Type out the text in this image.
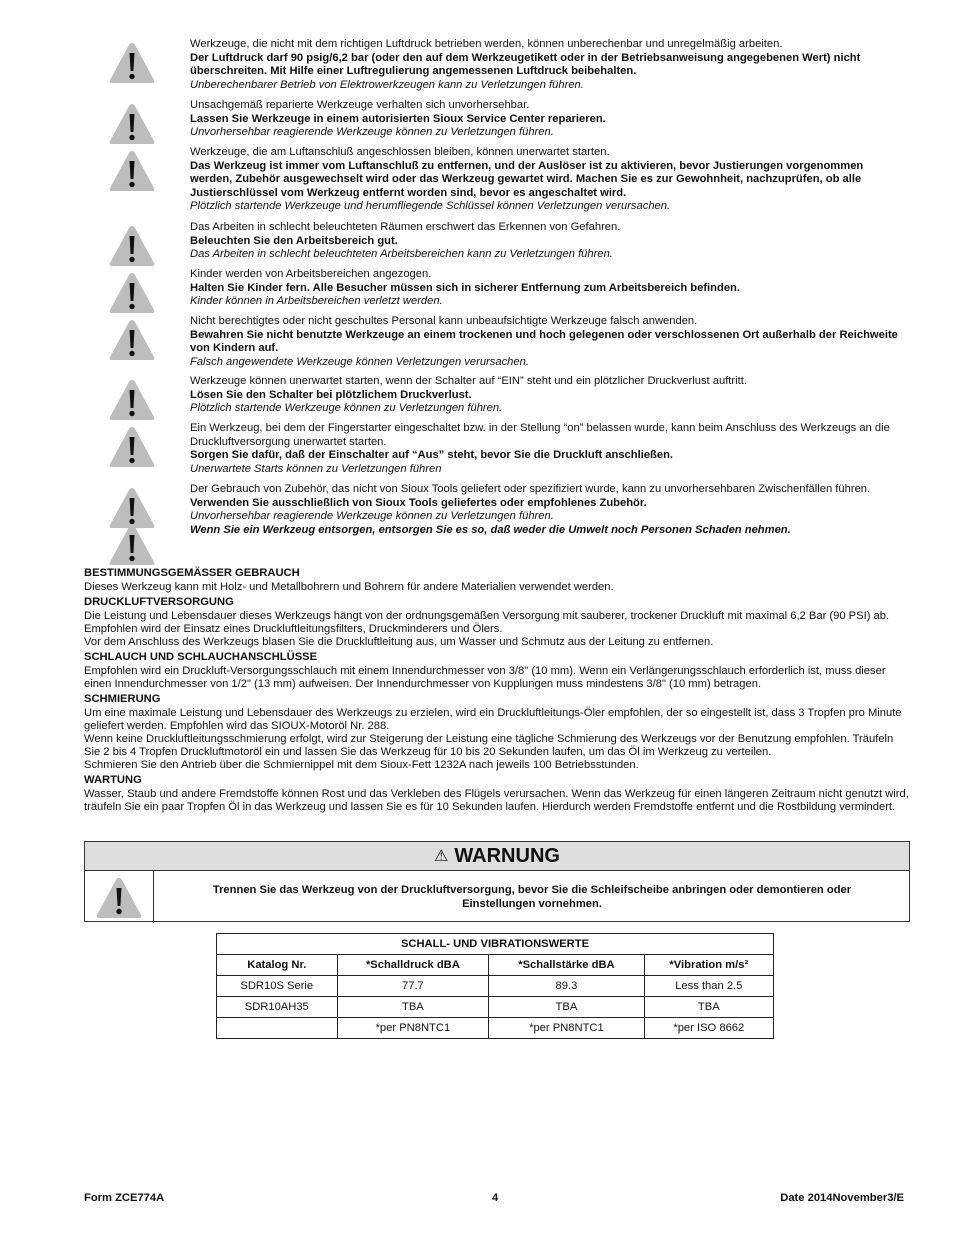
Werkzeuge, die nicht mit dem richtigen Luftdruck betrieben werden, können unberechenbar und unregelmäßig arbeiten.

Der Luftdruck darf 90 psig/6,2 bar (oder den auf dem Werkzeugetikett oder in der Betriebsanweisung angegebenen Wert) nicht überschreiten. Mit Hilfe einer Luftregulierung angemessenen Luftdruck beibehalten.

Unberechenbarer Betrieb von Elektrowerkzeugen kann zu Verletzungen führen.

Unsachgemäß reparierte Werkzeuge verhalten sich unvorhersehbar.

Lassen Sie Werkzeuge in einem autorisierten Sioux Service Center reparieren.

Unvorhersehbar reagierende Werkzeuge können zu Verletzungen führen.

Werkzeuge, die am Luftanschluß angeschlossen bleiben, können unerwartet starten.

Das Werkzeug ist immer vom Luftanschluß zu entfernen, und der Auslöser ist zu aktivieren, bevor Justierungen vorgenommen werden, Zubehör ausgewechselt wird oder das Werkzeug gewartet wird. Machen Sie es zur Gewohnheit, nachzuprüfen, ob alle Justierschlüssel vom Werkzeug entfernt worden sind, bevor es angeschaltet wird.

Plötzlich startende Werkzeuge und herumfliegende Schlüssel können Verletzungen verursachen.

Das Arbeiten in schlecht beleuchteten Räumen erschwert das Erkennen von Gefahren.

Beleuchten Sie den Arbeitsbereich gut.

Das Arbeiten in schlecht beleuchteten Arbeitsbereichen kann zu Verletzungen führen.

Kinder werden von Arbeitsbereichen angezogen.

Halten Sie Kinder fern. Alle Besucher müssen sich in sicherer Entfernung zum Arbeitsbereich befinden.

Kinder können in Arbeitsbereichen verletzt werden.

Nicht berechtigtes oder nicht geschultes Personal kann unbeaufsichtigte Werkzeuge falsch anwenden.

Bewahren Sie nicht benutzte Werkzeuge an einem trockenen und hoch gelegenen oder verschlossenen Ort außerhalb der Reichweite von Kindern auf.

Falsch angewendete Werkzeuge können Verletzungen verursachen.

Werkzeuge können unerwartet starten, wenn der Schalter auf “EIN” steht und ein plötzlicher Druckverlust auftritt.

Lösen Sie den Schalter bei plötzlichem Druckverlust.

Plötzlich startende Werkzeuge können zu Verletzungen führen.

Ein Werkzeug, bei dem der Fingerstarter eingeschaltet bzw. in der Stellung “on” belassen wurde, kann beim Anschluss des Werkzeugs an die Druckluftversorgung unerwartet starten.

Sorgen Sie dafür, daß der Einschalter auf “Aus” steht, bevor Sie die Druckluft anschließen.

Unerwartete Starts können zu Verletzungen führen

Der Gebrauch von Zubehör, das nicht von Sioux Tools geliefert oder spezifiziert wurde, kann zu unvorhersehbaren Zwischenfällen führen.

Verwenden Sie ausschließlich von Sioux Tools geliefertes oder empfohlenes Zubehör.

Unvorhersehbar reagierende Werkzeuge können zu Verletzungen führen.

Wenn Sie ein Werkzeug entsorgen, entsorgen Sie es so, daß weder die Umwelt noch Personen Schaden nehmen.

BESTIMMUNGSGEMÄSSER GEBRAUCH

Dieses Werkzeug kann mit Holz- und Metallbohrern und Bohrern für andere Materialien verwendet werden.

DRUCKLUFTVERSORGUNG

Die Leistung und Lebensdauer dieses Werkzeugs hängt von der ordnungsgemäßen Versorgung mit sauberer, trockener Druckluft mit maximal 6,2 Bar (90 PSI) ab. Empfohlen wird der Einsatz eines Druckluftleitungsfilters, Druckminderers und Ölers.

Vor dem Anschluss des Werkzeugs blasen Sie die Druckluftleitung aus, um Wasser und Schmutz aus der Leitung zu entfernen.

SCHLAUCH UND SCHLAUCHANSCHLÜSSE

Empfohlen wird ein Druckluft-Versorgungsschlauch mit einem Innendurchmesser von 3/8" (10 mm). Wenn ein Verlängerungsschlauch erforderlich ist, muss dieser einen Innendurchmesser von 1/2" (13 mm) aufweisen. Der Innendurchmesser von Kupplungen muss mindestens 3/8" (10 mm) betragen.

SCHMIERUNG

Um eine maximale Leistung und Lebensdauer des Werkzeugs zu erzielen, wird ein Druckluftleitungs-Öler empfohlen, der so eingestellt ist, dass 3 Tropfen pro Minute geliefert werden. Empfohlen wird das SIOUX-Motoröl Nr. 288.

Wenn keine Druckluftleitungsschmierung erfolgt, wird zur Steigerung der Leistung eine tägliche Schmierung des Werkzeugs vor der Benutzung empfohlen. Träufeln Sie 2 bis 4 Tropfen Druckluftmotoröl ein und lassen Sie das Werkzeug für 10 bis 20 Sekunden laufen, um das Öl im Werkzeug zu verteilen.

Schmieren Sie den Antrieb über die Schmiernippel mit dem Sioux-Fett 1232A nach jeweils 100 Betriebsstunden.

WARTUNG

Wasser, Staub und andere Fremdstoffe können Rost und das Verkleben des Flügels verursachen. Wenn das Werkzeug für einen längeren Zeitraum nicht genutzt wird, träufeln Sie ein paar Tropfen Öl in das Werkzeug und lassen Sie es für 10 Sekunden laufen. Hierdurch werden Fremdstoffe entfernt und die Rostbildung vermindert.

⚠ WARNUNG
Trennen Sie das Werkzeug von der Druckluftversorgung, bevor Sie die Schleifscheibe anbringen oder demontieren oder Einstellungen vornehmen.
SCHALL- UND VIBRATIONSWERTE			
Katalog Nr.	*Schalldruck dBA	*Schallstärke dBA	*Vibration m/s²
SDR10S Serie	77.7	89.3	Less than 2.5
SDR10AH35	TBA	TBA	TBA
	*per PN8NTC1	*per PN8NTC1	*per ISO 8662
Form ZCE774A	4	Date 2014November3/E
